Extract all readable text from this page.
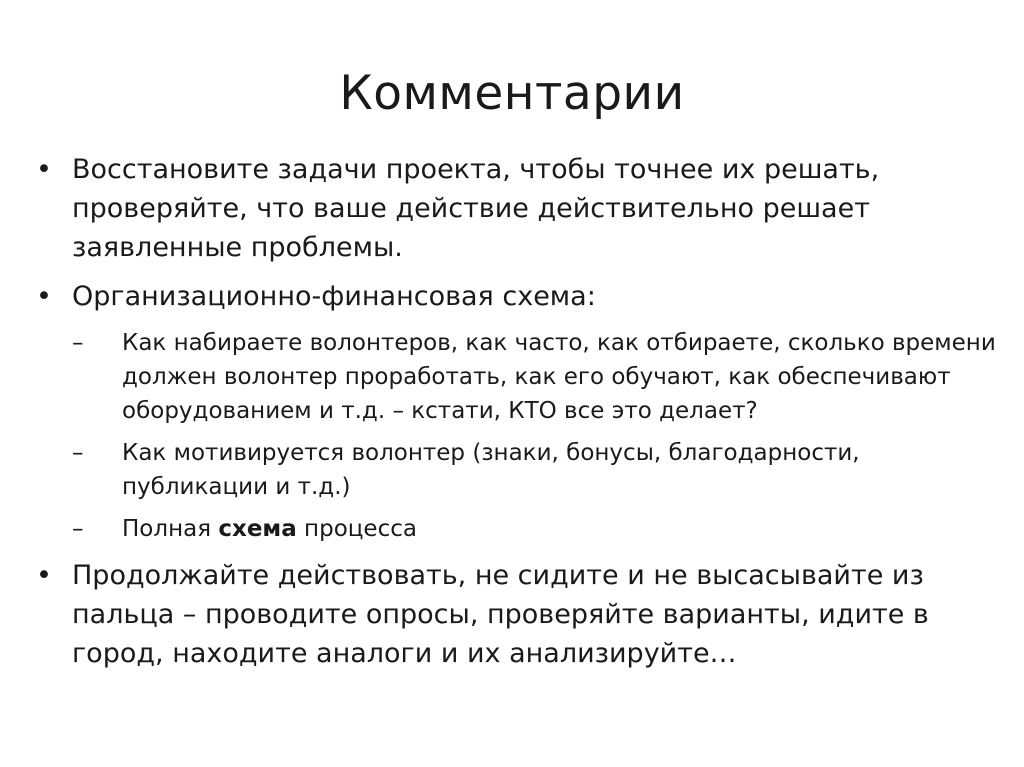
Комментарии
• Восстановите задачи проекта, чтобы точнее их решать, проверяйте, что ваше действие действительно решает заявленные проблемы.
• Организационно-финансовая схема:
–	Как набираете волонтеров, как часто, как отбираете, сколько времени должен волонтер проработать, как его обучают, как обеспечивают оборудованием и т.д. – кстати, КТО все это делает?
–	Как мотивируется волонтер (знаки, бонусы, благодарности, публикации и т.д.)
–	Полная схема процесса
• Продолжайте действовать, не сидите и не высасывайте из пальца – проводите опросы, проверяйте варианты, идите в город, находите аналоги и их анализируйте…
